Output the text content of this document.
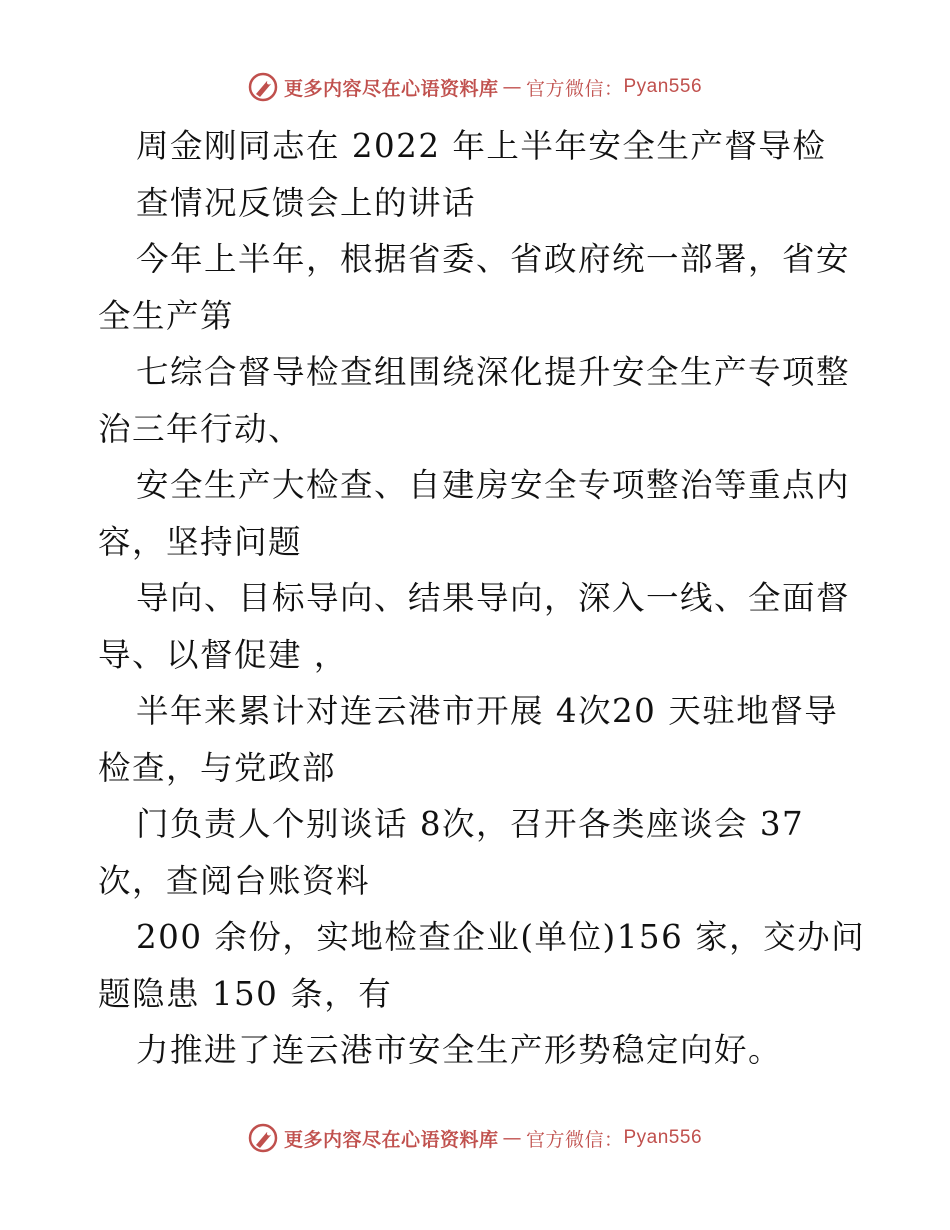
更多内容尽在心语资料库 — 官方微信： Pyan556
周金刚同志在 2022 年上半年安全生产督导检
查情况反馈会上的讲话
今年上半年，根据省委、省政府统一部署，省安
全生产第
七综合督导检查组围绕深化提升安全生产专项整
治三年行动、
安全生产大检查、自建房安全专项整治等重点内
容，坚持问题
导向、目标导向、结果导向，深入一线、全面督
导、以督促建 ，
半年来累计对连云港市开展 4次20 天驻地督导
检查，与党政部
门负责人个别谈话 8次，召开各类座谈会 37
次，查阅台账资料
200 余份，实地检查企业(单位)156 家，交办问
题隐患 150 条，有
力推进了连云港市安全生产形势稳定向好。
更多内容尽在心语资料库 — 官方微信： Pyan556
